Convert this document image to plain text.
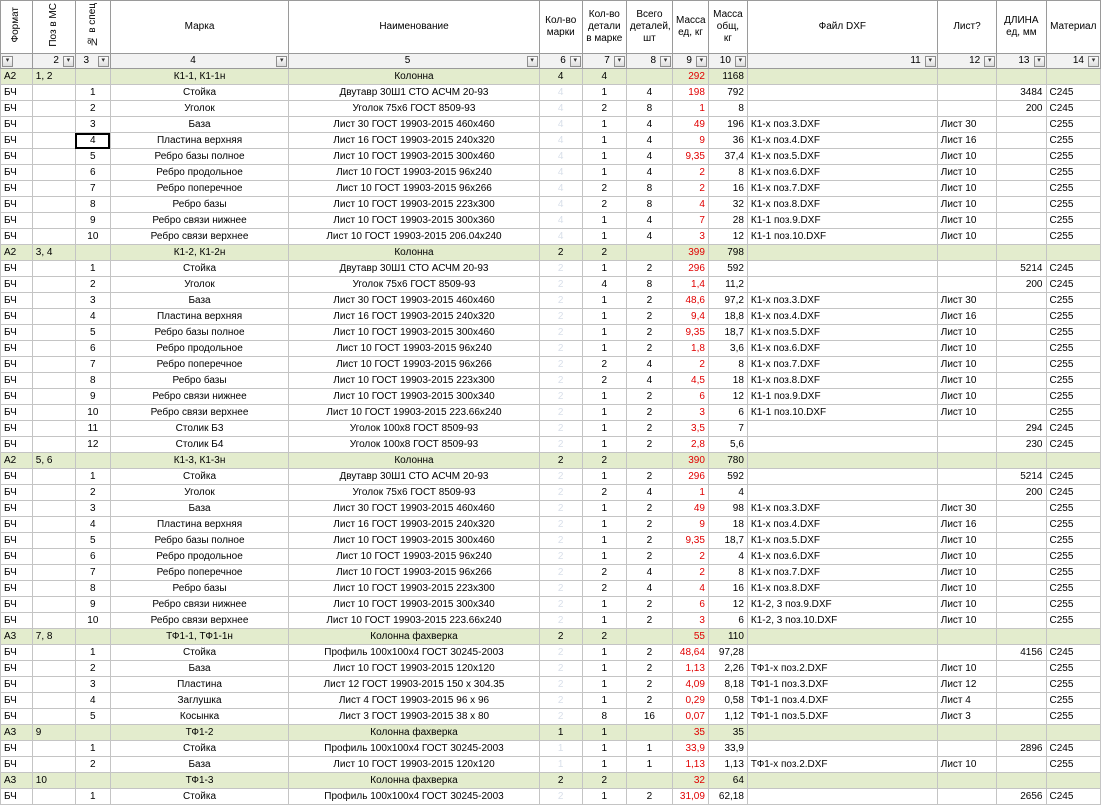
Формат	Поз в МС	№ в спец	Марка	Наименование	Кол-во марки	Кол-во детали в марке	Всего деталей, шт	Масса ед, кг	Масса общ, кг	Файл DXF	Лист?	ДЛИНА ед, мм	Материал

▾	2 ▾	3 ▾	4 ▾	5 ▾	6 ▾	7 ▾	8 ▾	9 ▾	10 ▾	11 ▾	12 ▾	13 ▾	14 ▾

А2	1, 2		К1-1, К1-1н	Колонна	4	4		292	1168				
БЧ		1	Стойка	Двутавр 30Ш1 СТО АСЧМ 20-93	4	1	4	198	792			3484	С245
БЧ		2	Уголок	Уголок 75х6 ГОСТ 8509-93	4	2	8	1	8			200	С245
БЧ		3	База	Лист 30 ГОСТ 19903-2015 460х460	4	1	4	49	196	К1-х поз.3.DXF	Лист 30		С255
БЧ		4	Пластина верхняя	Лист 16 ГОСТ 19903-2015 240х320	4	1	4	9	36	К1-х поз.4.DXF	Лист 16		С255
БЧ		5	Ребро базы полное	Лист 10 ГОСТ 19903-2015 300х460	4	1	4	9,35	37,4	К1-х поз.5.DXF	Лист 10		С255
БЧ		6	Ребро продольное	Лист 10 ГОСТ 19903-2015 96х240	4	1	4	2	8	К1-х поз.6.DXF	Лист 10		С255
БЧ		7	Ребро поперечное	Лист 10 ГОСТ 19903-2015 96х266	4	2	8	2	16	К1-х поз.7.DXF	Лист 10		С255
БЧ		8	Ребро базы	Лист 10 ГОСТ 19903-2015 223х300	4	2	8	4	32	К1-х поз.8.DXF	Лист 10		С255
БЧ		9	Ребро связи нижнее	Лист 10 ГОСТ 19903-2015 300х360	4	1	4	7	28	К1-1 поз.9.DXF	Лист 10		С255
БЧ		10	Ребро связи верхнее	Лист 10 ГОСТ 19903-2015 206.04х240	4	1	4	3	12	К1-1 поз.10.DXF	Лист 10		С255
А2	3, 4		К1-2, К1-2н	Колонна	2	2		399	798				
БЧ		1	Стойка	Двутавр 30Ш1 СТО АСЧМ 20-93	2	1	2	296	592			5214	С245
БЧ		2	Уголок	Уголок 75х6 ГОСТ 8509-93	2	4	8	1,4	11,2			200	С245
БЧ		3	База	Лист 30 ГОСТ 19903-2015 460х460	2	1	2	48,6	97,2	К1-х поз.3.DXF	Лист 30		С255
БЧ		4	Пластина верхняя	Лист 16 ГОСТ 19903-2015 240х320	2	1	2	9,4	18,8	К1-х поз.4.DXF	Лист 16		С255
БЧ		5	Ребро базы полное	Лист 10 ГОСТ 19903-2015 300х460	2	1	2	9,35	18,7	К1-х поз.5.DXF	Лист 10		С255
БЧ		6	Ребро продольное	Лист 10 ГОСТ 19903-2015 96х240	2	1	2	1,8	3,6	К1-х поз.6.DXF	Лист 10		С255
БЧ		7	Ребро поперечное	Лист 10 ГОСТ 19903-2015 96х266	2	2	4	2	8	К1-х поз.7.DXF	Лист 10		С255
БЧ		8	Ребро базы	Лист 10 ГОСТ 19903-2015 223х300	2	2	4	4,5	18	К1-х поз.8.DXF	Лист 10		С255
БЧ		9	Ребро связи нижнее	Лист 10 ГОСТ 19903-2015 300х340	2	1	2	6	12	К1-1 поз.9.DXF	Лист 10		С255
БЧ		10	Ребро связи верхнее	Лист 10 ГОСТ 19903-2015 223.66х240	2	1	2	3	6	К1-1 поз.10.DXF	Лист 10		С255
БЧ		11	Столик Б3	Уголок 100х8 ГОСТ 8509-93	2	1	2	3,5	7			294	С245
БЧ		12	Столик Б4	Уголок 100х8 ГОСТ 8509-93	2	1	2	2,8	5,6			230	С245
А2	5, 6		К1-3, К1-3н	Колонна	2	2		390	780				
БЧ		1	Стойка	Двутавр 30Ш1 СТО АСЧМ 20-93	2	1	2	296	592			5214	С245
БЧ		2	Уголок	Уголок 75х6 ГОСТ 8509-93	2	2	4	1	4			200	С245
БЧ		3	База	Лист 30 ГОСТ 19903-2015 460х460	2	1	2	49	98	К1-х поз.3.DXF	Лист 30		С255
БЧ		4	Пластина верхняя	Лист 16 ГОСТ 19903-2015 240х320	2	1	2	9	18	К1-х поз.4.DXF	Лист 16		С255
БЧ		5	Ребро базы полное	Лист 10 ГОСТ 19903-2015 300х460	2	1	2	9,35	18,7	К1-х поз.5.DXF	Лист 10		С255
БЧ		6	Ребро продольное	Лист 10 ГОСТ 19903-2015 96х240	2	1	2	2	4	К1-х поз.6.DXF	Лист 10		С255
БЧ		7	Ребро поперечное	Лист 10 ГОСТ 19903-2015 96х266	2	2	4	2	8	К1-х поз.7.DXF	Лист 10		С255
БЧ		8	Ребро базы	Лист 10 ГОСТ 19903-2015 223х300	2	2	4	4	16	К1-х поз.8.DXF	Лист 10		С255
БЧ		9	Ребро связи нижнее	Лист 10 ГОСТ 19903-2015 300х340	2	1	2	6	12	К1-2, 3 поз.9.DXF	Лист 10		С255
БЧ		10	Ребро связи верхнее	Лист 10 ГОСТ 19903-2015 223.66х240	2	1	2	3	6	К1-2, 3 поз.10.DXF	Лист 10		С255
А3	7, 8		ТФ1-1, ТФ1-1н	Колонна фахверка	2	2		55	110				
БЧ		1	Стойка	Профиль 100х100х4 ГОСТ 30245-2003	2	1	2	48,64	97,28			4156	С245
БЧ		2	База	Лист 10 ГОСТ 19903-2015 120х120	2	1	2	1,13	2,26	ТФ1-х поз.2.DXF	Лист 10		С255
БЧ		3	Пластина	Лист 12 ГОСТ 19903-2015 150 х 304.35	2	1	2	4,09	8,18	ТФ1-1 поз.3.DXF	Лист 12		С255
БЧ		4	Заглушка	Лист 4 ГОСТ 19903-2015 96 х 96	2	1	2	0,29	0,58	ТФ1-1 поз.4.DXF	Лист 4		С255
БЧ		5	Косынка	Лист 3 ГОСТ 19903-2015 38 х 80	2	8	16	0,07	1,12	ТФ1-1 поз.5.DXF	Лист 3		С255
А3	9		ТФ1-2	Колонна фахверка	1	1		35	35				
БЧ		1	Стойка	Профиль 100х100х4 ГОСТ 30245-2003	1	1	1	33,9	33,9			2896	С245
БЧ		2	База	Лист 10 ГОСТ 19903-2015 120х120	1	1	1	1,13	1,13	ТФ1-х поз.2.DXF	Лист 10		С255
А3	10		ТФ1-3	Колонна фахверка	2	2		32	64				
БЧ		1	Стойка	Профиль 100х100х4 ГОСТ 30245-2003	2	1	2	31,09	62,18			2656	С245
